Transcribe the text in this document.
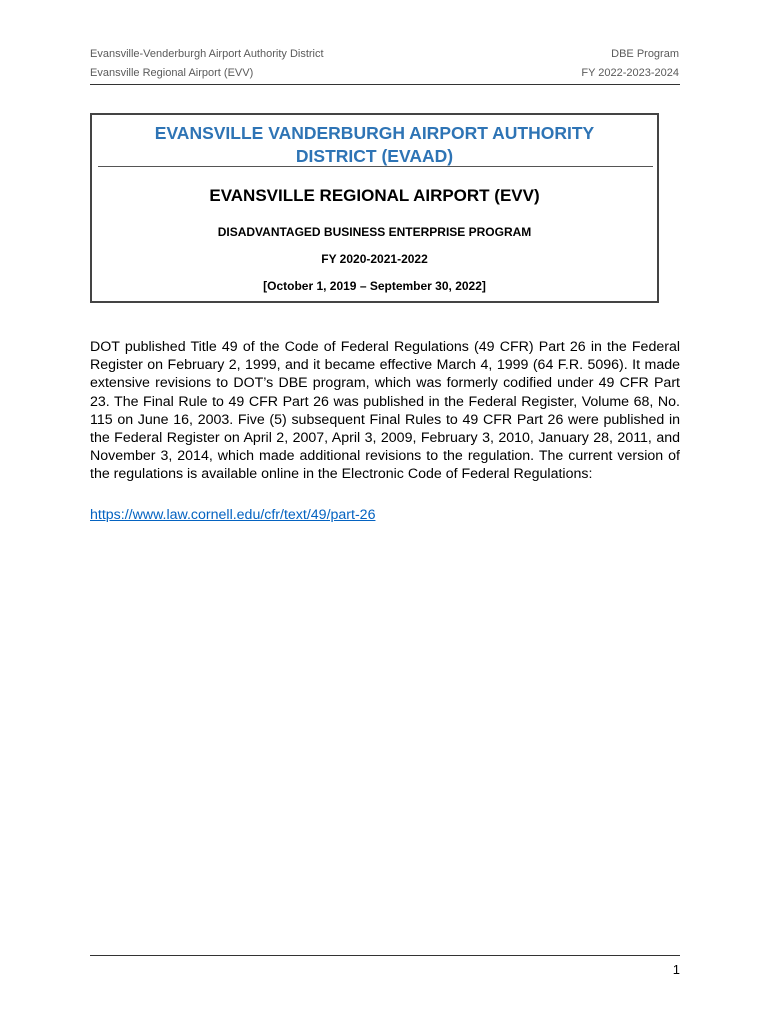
Evansville-Venderburgh Airport Authority District
Evansville Regional Airport (EVV)
DBE Program
FY 2022-2023-2024
EVANSVILLE VANDERBURGH AIRPORT AUTHORITY
DISTRICT (EVAAD)
EVANSVILLE REGIONAL AIRPORT (EVV)
DISADVANTAGED BUSINESS ENTERPRISE PROGRAM
FY 2020-2021-2022
[October 1, 2019 – September 30, 2022]

DOT published Title 49 of the Code of Federal Regulations (49 CFR) Part 26 in the Federal Register on February 2, 1999, and it became effective March 4, 1999 (64 F.R. 5096). It made extensive revisions to DOT’s DBE program, which was formerly codified under 49 CFR Part 23. The Final Rule to 49 CFR Part 26 was published in the Federal Register, Volume 68, No. 115 on June 16, 2003. Five (5) subsequent Final Rules to 49 CFR Part 26 were published in the Federal Register on April 2, 2007, April 3, 2009, February 3, 2010, January 28, 2011, and November 3, 2014, which made additional revisions to the regulation. The current version of the regulations is available online in the Electronic Code of Federal Regulations:

https://www.law.cornell.edu/cfr/text/49/part-26
1
